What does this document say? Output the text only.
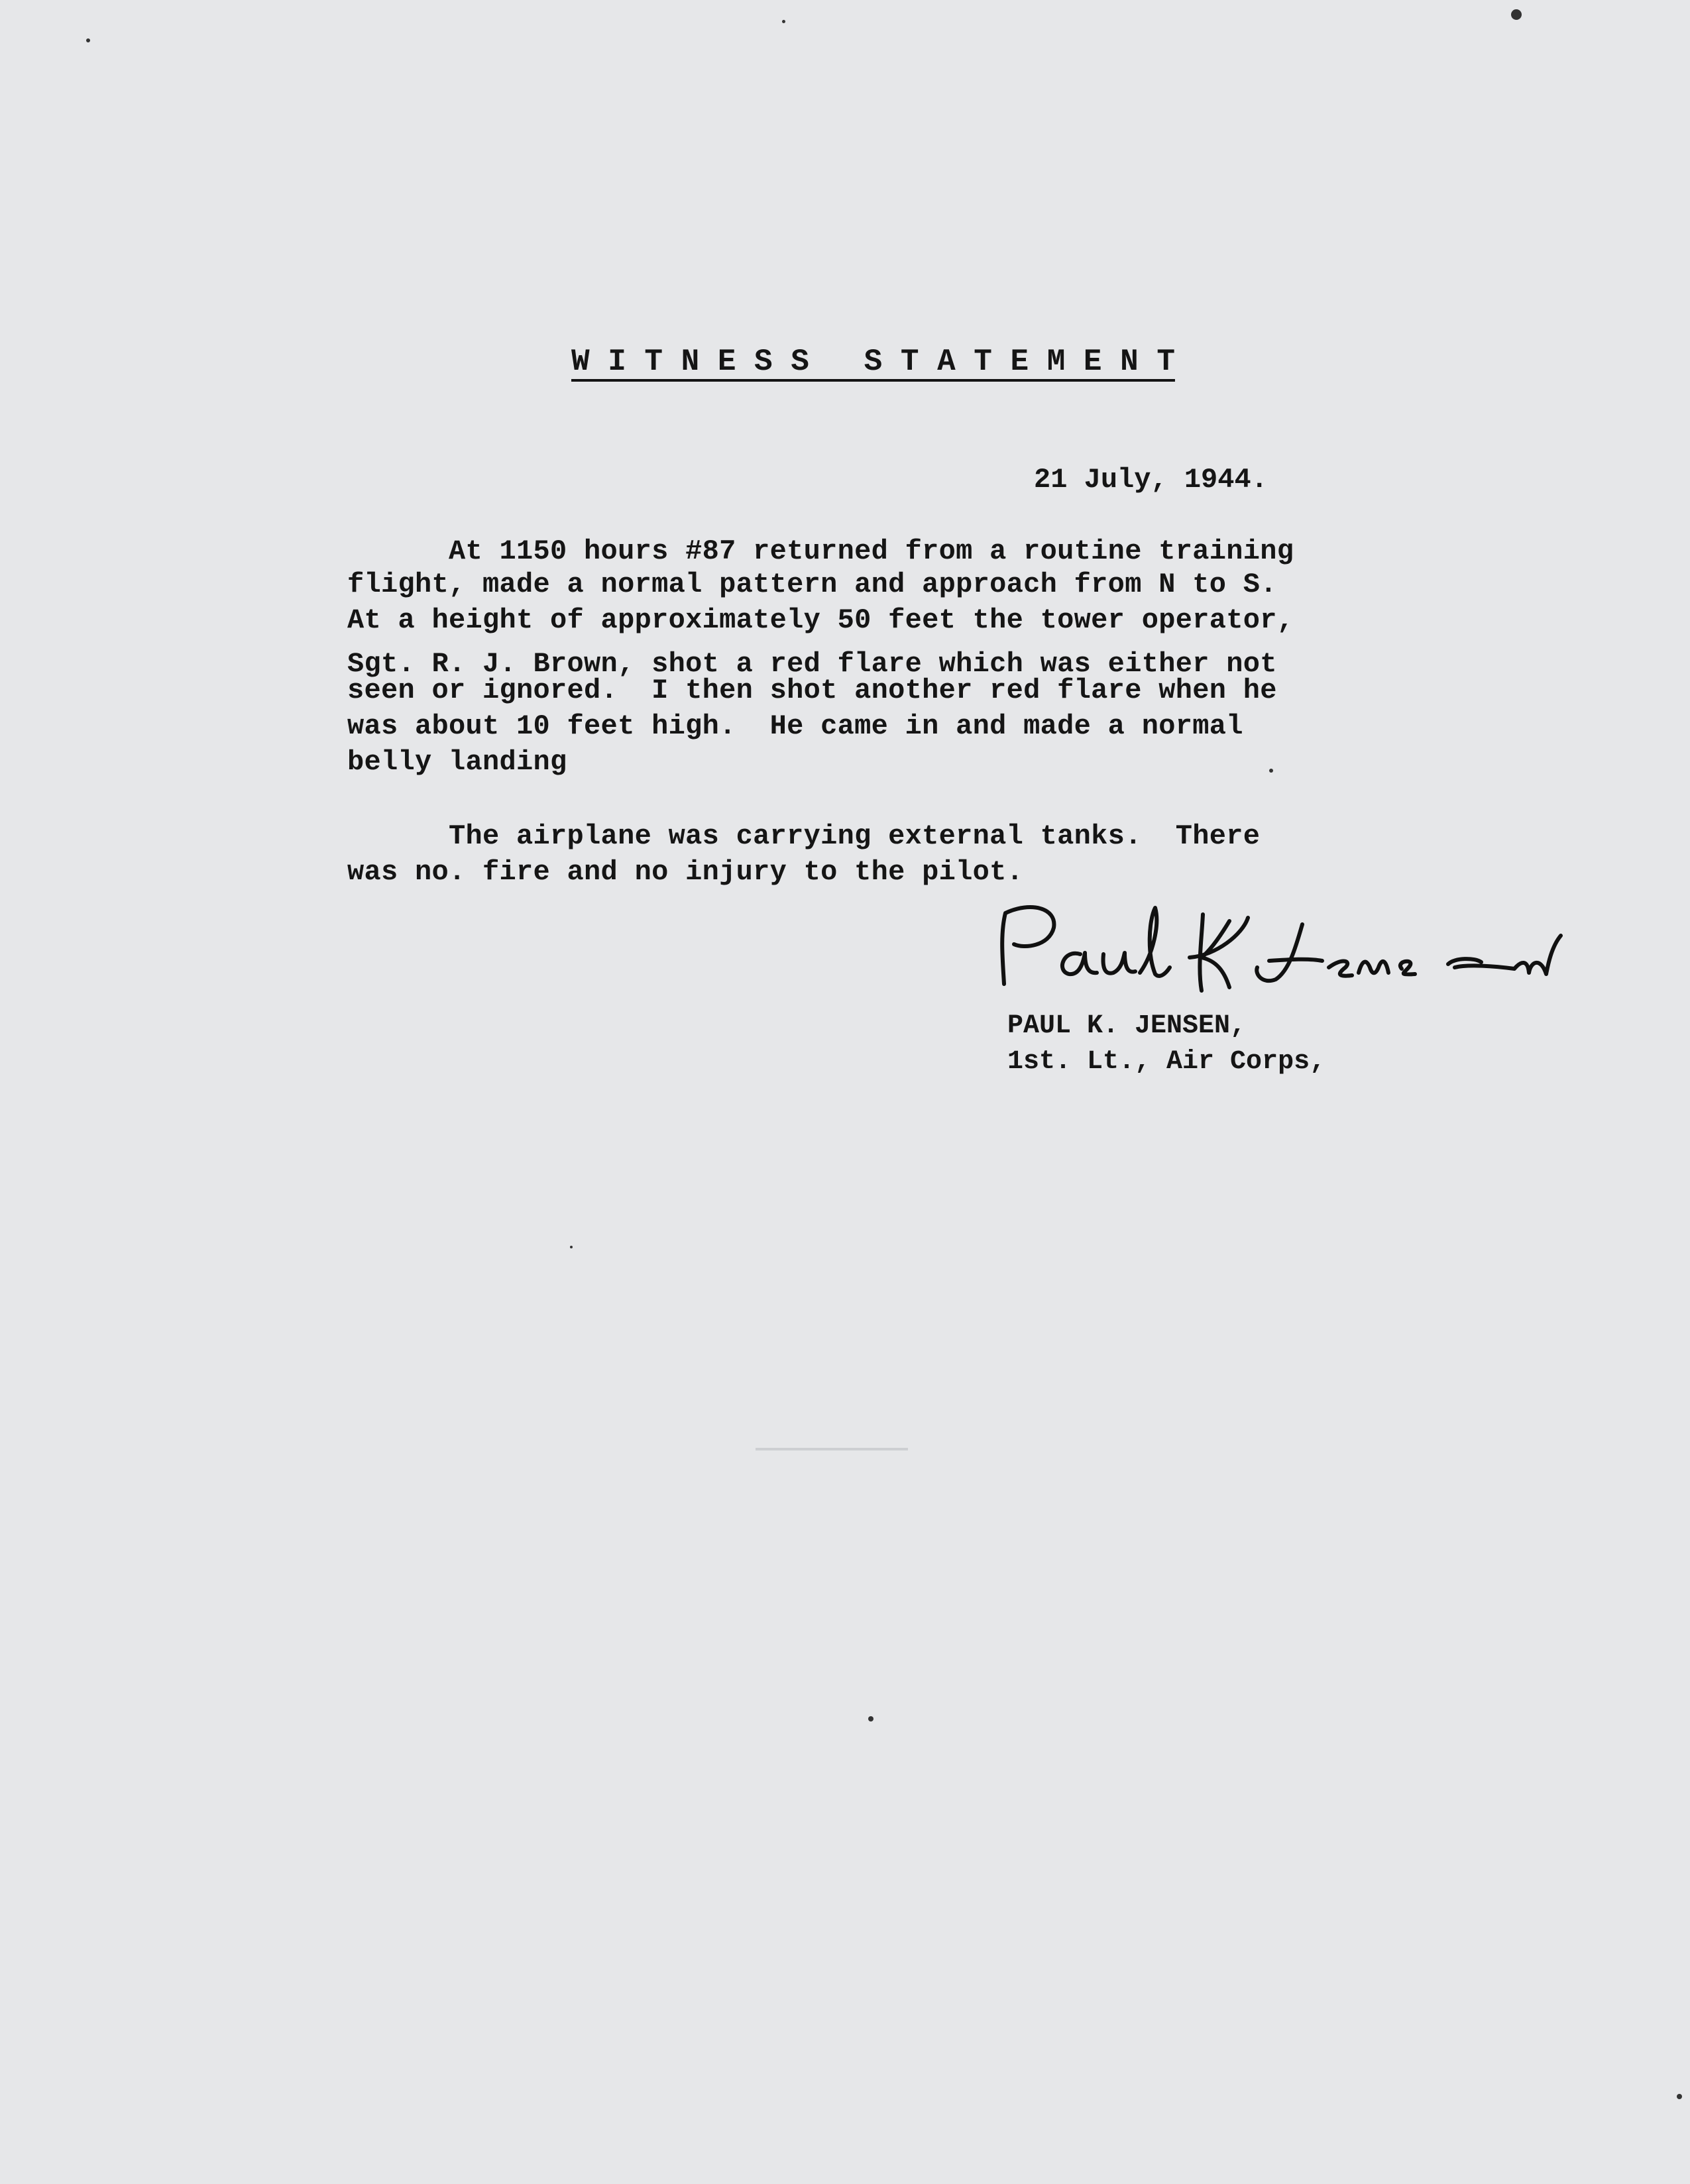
W I T N E S S   S T A T E M E N T
21 July, 1944.
At 1150 hours #87 returned from a routine training
flight, made a normal pattern and approach from N to S.
At a height of approximately 50 feet the tower operator,
Sgt. R. J. Brown, shot a red flare which was either not
seen or ignored.  I then shot another red flare when he
was about 10 feet high.  He came in and made a normal
belly landing
The airplane was carrying external tanks.  There
was no. fire and no injury to the pilot.
PAUL K. JENSEN,
1st. Lt., Air Corps,
